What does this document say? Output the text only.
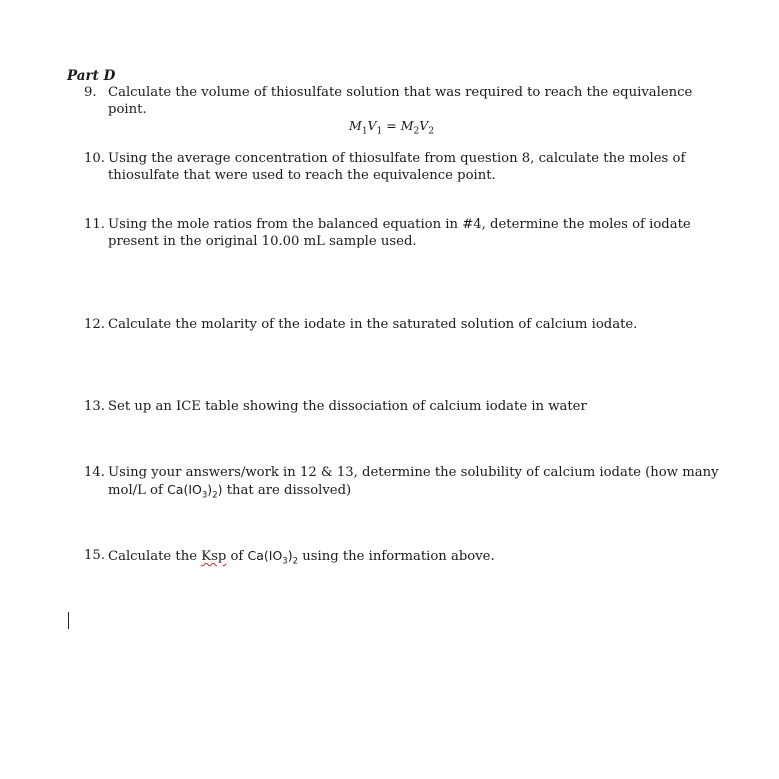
Part D
9. Calculate the volume of thiosulfate solution that was required to reach the equivalence point.
$M_1V_1 = M_2V_2$
10. Using the average concentration of thiosulfate from question 8, calculate the moles of thiosulfate that were used to reach the equivalence point.
11. Using the mole ratios from the balanced equation in #4, determine the moles of iodate present in the original 10.00 mL sample used.
12. Calculate the molarity of the iodate in the saturated solution of calcium iodate.
13. Set up an ICE table showing the dissociation of calcium iodate in water
14. Using your answers/work in 12 & 13, determine the solubility of calcium iodate (how many mol/L of $Ca(IO_3)_2$) that are dissolved)
15. Calculate the Ksp of $Ca(IO_3)_2$ using the information above.
